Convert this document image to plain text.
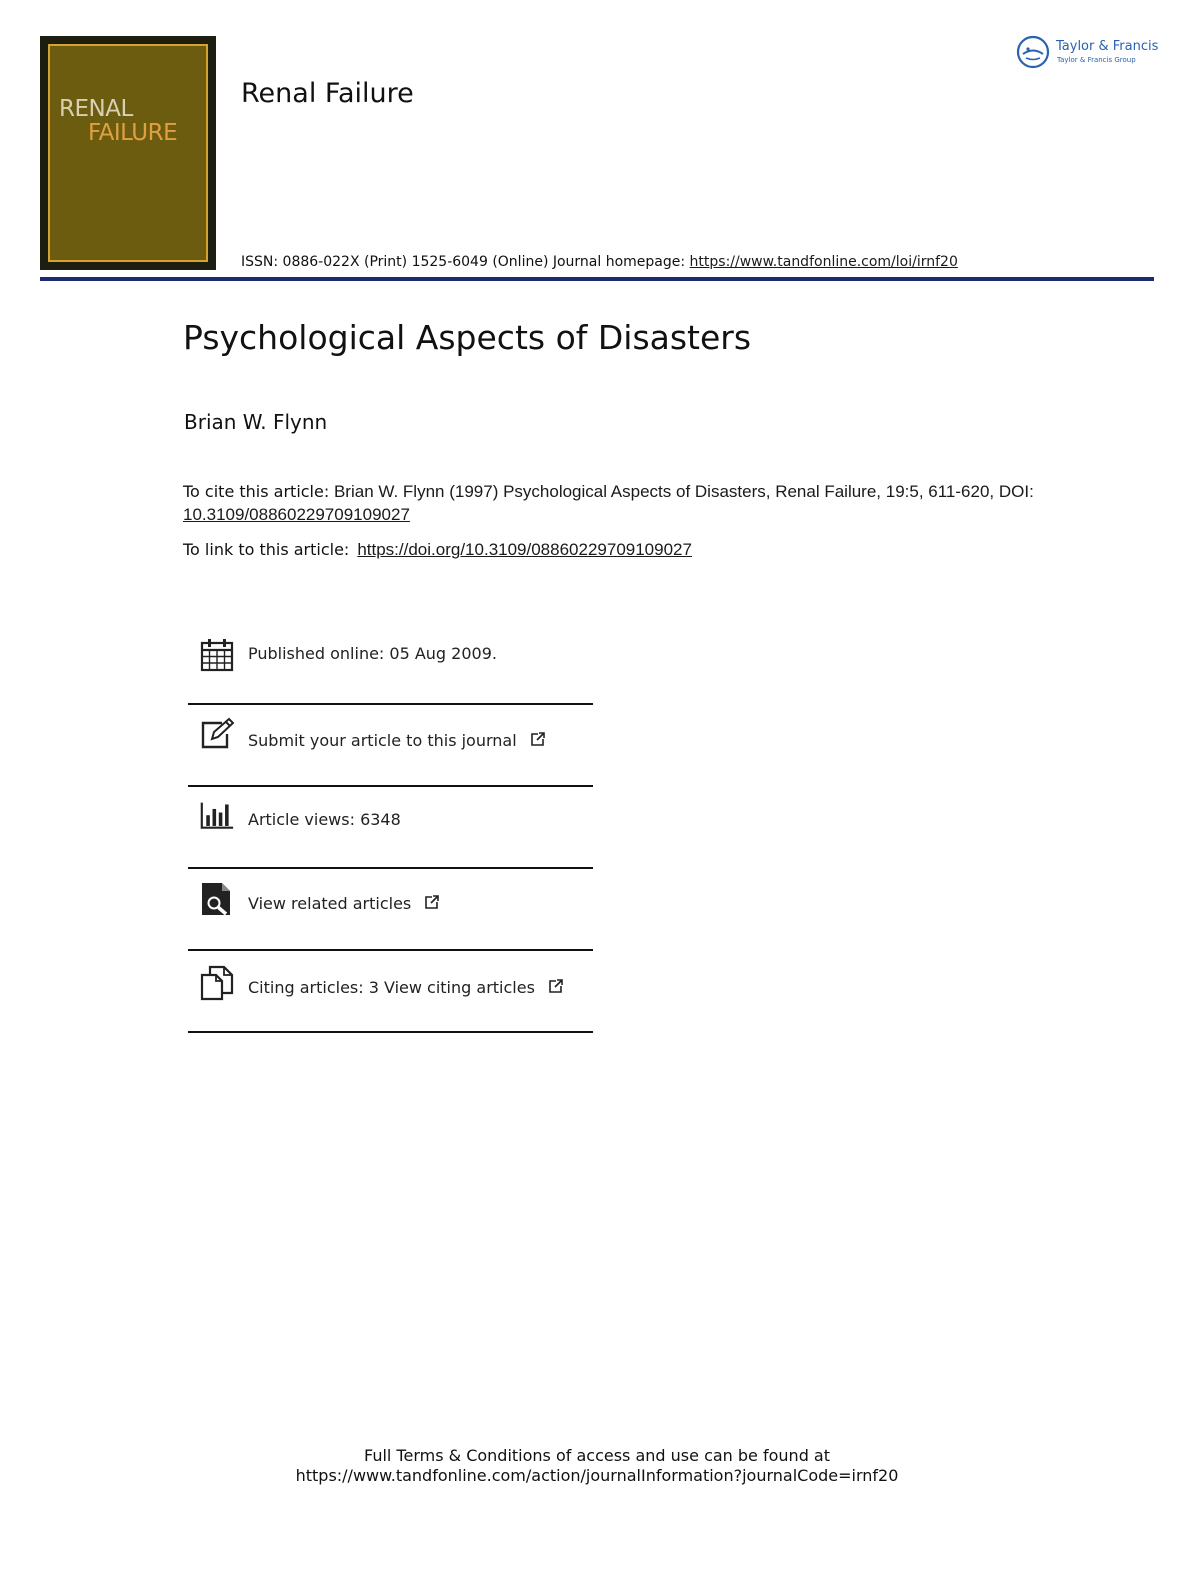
RENAL
FAILURE
Renal Failure
ISSN: 0886-022X (Print) 1525-6049 (Online) Journal homepage: https://www.tandfonline.com/loi/irnf20
Taylor & Francis
Taylor & Francis Group
Psychological Aspects of Disasters
Brian W. Flynn
To cite this article: Brian W. Flynn (1997) Psychological Aspects of Disasters, Renal Failure, 19:5, 611-620, DOI: 10.3109/08860229709109027
To link to this article: https://doi.org/10.3109/08860229709109027
Published online: 05 Aug 2009.
Submit your article to this journal
Article views: 6348
View related articles
Citing articles: 3 View citing articles
Full Terms & Conditions of access and use can be found at
https://www.tandfonline.com/action/journalInformation?journalCode=irnf20
